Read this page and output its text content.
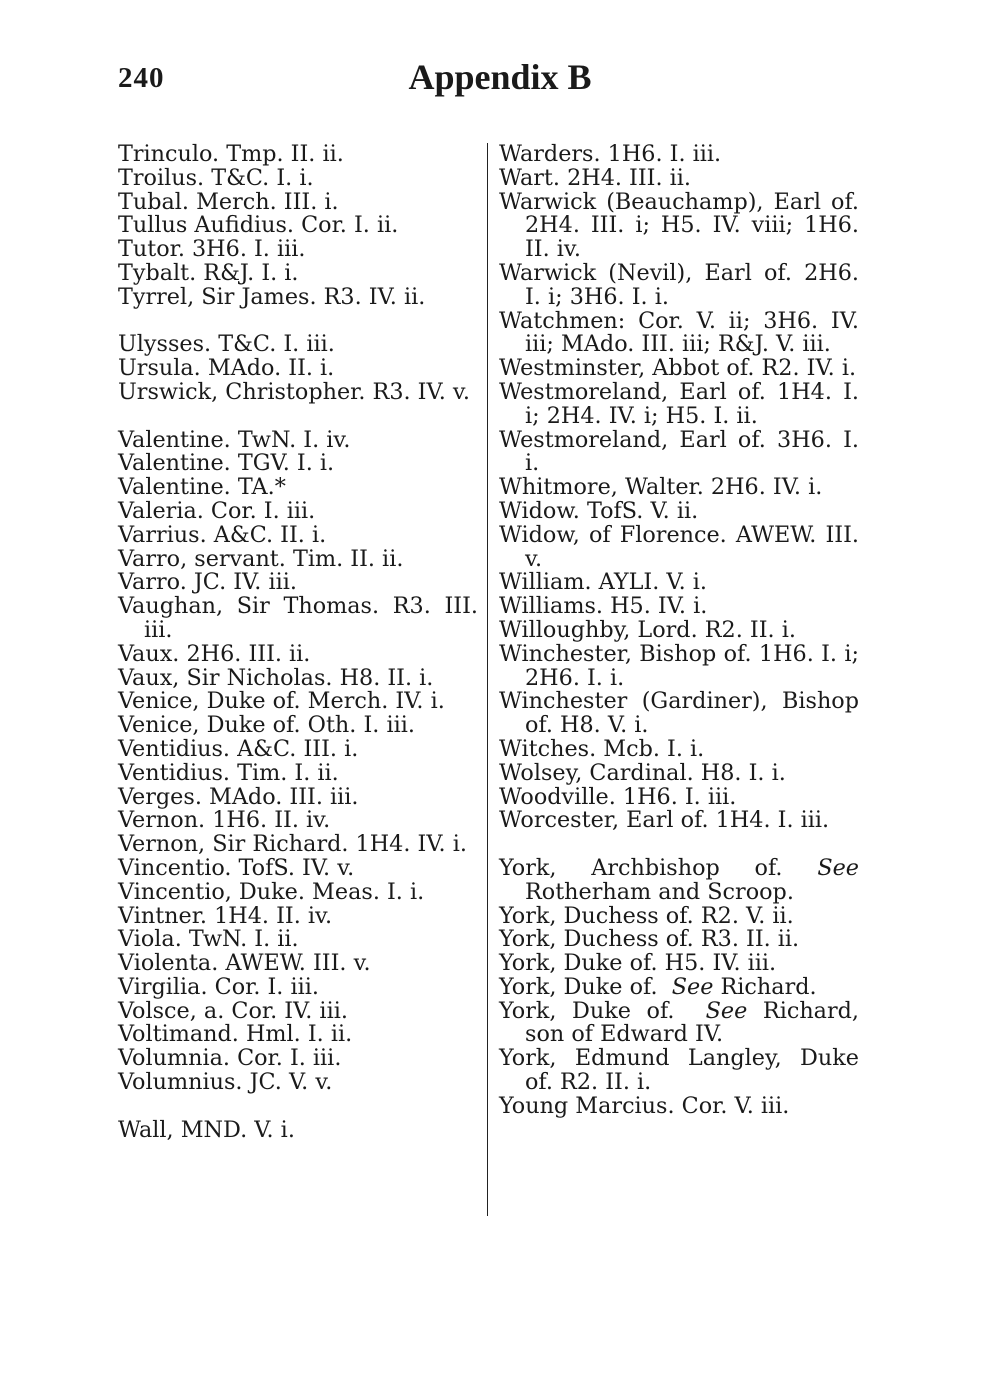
240	Appendix B

Trinculo. Tmp. II. ii.

Troilus. T&C. I. i.

Tubal. Merch. III. i.

Tullus Aufidius. Cor. I. ii.

Tutor. 3H6. I. iii.

Tybalt. R&J. I. i.

Tyrrel, Sir James. R3. IV. ii.

Ulysses. T&C. I. iii.

Ursula. MAdo. II. i.

Urswick, Christopher. R3. IV. v.

Valentine. TwN. I. iv.

Valentine. TGV. I. i.

Valentine. TA.*

Valeria. Cor. I. iii.

Varrius. A&C. II. i.

Varro, servant. Tim. II. ii.

Varro. JC. IV. iii.

Vaughan, Sir Thomas. R3. III. iii.

Vaux. 2H6. III. ii.

Vaux, Sir Nicholas. H8. II. i.

Venice, Duke of. Merch. IV. i.

Venice, Duke of. Oth. I. iii.

Ventidius. A&C. III. i.

Ventidius. Tim. I. ii.

Verges. MAdo. III. iii.

Vernon. 1H6. II. iv.

Vernon, Sir Richard. 1H4. IV. i.

Vincentio. TofS. IV. v.

Vincentio, Duke. Meas. I. i.

Vintner. 1H4. II. iv.

Viola. TwN. I. ii.

Violenta. AWEW. III. v.

Virgilia. Cor. I. iii.

Volsce, a. Cor. IV. iii.

Voltimand. Hml. I. ii.

Volumnia. Cor. I. iii.

Volumnius. JC. V. v.

Wall, MND. V. i.

Warders. 1H6. I. iii.

Wart. 2H4. III. ii.

Warwick (Beauchamp), Earl of. 2H4. III. i; H5. IV. viii; 1H6. II. iv.

Warwick (Nevil), Earl of. 2H6. I. i; 3H6. I. i.

Watchmen: Cor. V. ii; 3H6. IV. iii; MAdo. III. iii; R&J. V. iii.

Westminster, Abbot of. R2. IV. i.

Westmoreland, Earl of. 1H4. I. i; 2H4. IV. i; H5. I. ii.

Westmoreland, Earl of. 3H6. I. i.

Whitmore, Walter. 2H6. IV. i.

Widow. TofS. V. ii.

Widow, of Florence. AWEW. III. v.

William. AYLI. V. i.

Williams. H5. IV. i.

Willoughby, Lord. R2. II. i.

Winchester, Bishop of. 1H6. I. i; 2H6. I. i.

Winchester (Gardiner), Bishop of. H8. V. i.

Witches. Mcb. I. i.

Wolsey, Cardinal. H8. I. i.

Woodville. 1H6. I. iii.

Worcester, Earl of. 1H4. I. iii.

York, Archbishop of. See Rotherham and Scroop.

York, Duchess of. R2. V. ii.

York, Duchess of. R3. II. ii.

York, Duke of. H5. IV. iii.

York, Duke of. See Richard.

York, Duke of. See Richard, son of Edward IV.

York, Edmund Langley, Duke of. R2. II. i.

Young Marcius. Cor. V. iii.
